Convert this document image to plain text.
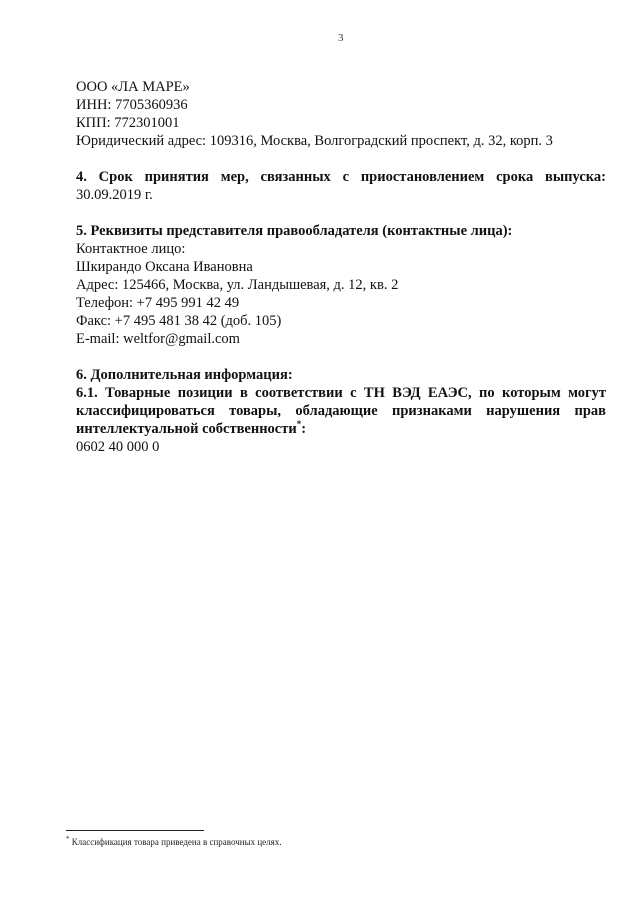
3
ООО «ЛА МАРЕ»
ИНН: 7705360936
КПП: 772301001
Юридический адрес: 109316, Москва, Волгоградский проспект, д. 32, корп. 3
4. Срок принятия мер, связанных с приостановлением срока выпуска:
30.09.2019 г.
5. Реквизиты представителя правообладателя (контактные лица):
Контактное лицо:
Шкирандо Оксана Ивановна
Адрес: 125466, Москва, ул. Ландышевая, д. 12, кв. 2
Телефон: +7 495 991 42 49
Факс: +7 495 481 38 42 (доб. 105)
E-mail: weltfor@gmail.com
6. Дополнительная информация:
6.1. Товарные позиции в соответствии с ТН ВЭД ЕАЭС, по которым могут
классифицироваться товары, обладающие признаками нарушения прав
интеллектуальной собственности*:
0602 40 000 0
* Классификация товара приведена в справочных целях.
